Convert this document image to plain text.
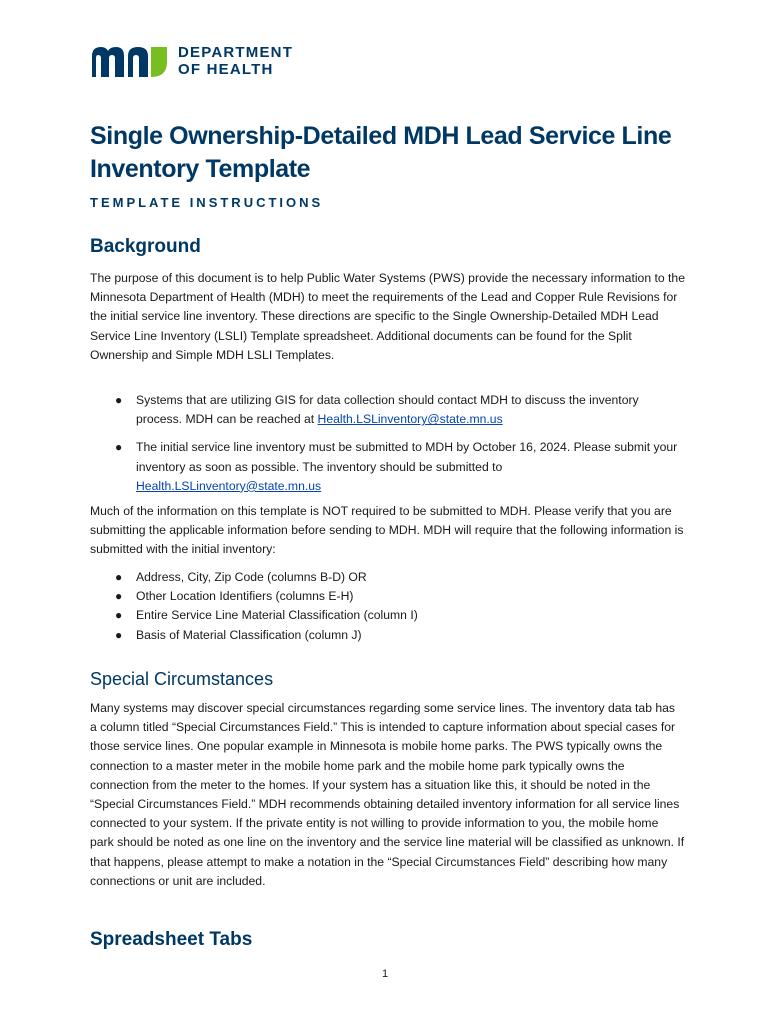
DEPARTMENT
OF HEALTH
Single Ownership-Detailed MDH Lead Service Line Inventory Template

TEMPLATE INSTRUCTIONS

Background

The purpose of this document is to help Public Water Systems (PWS) provide the necessary information to the Minnesota Department of Health (MDH) to meet the requirements of the Lead and Copper Rule Revisions for the initial service line inventory. These directions are specific to the Single Ownership-Detailed MDH Lead Service Line Inventory (LSLI) Template spreadsheet. Additional documents can be found for the Split Ownership and Simple MDH LSLI Templates.

● Systems that are utilizing GIS for data collection should contact MDH to discuss the inventory process. MDH can be reached at Health.LSLinventory@state.mn.us
● The initial service line inventory must be submitted to MDH by October 16, 2024. Please submit your inventory as soon as possible. The inventory should be submitted to Health.LSLinventory@state.mn.us

Much of the information on this template is NOT required to be submitted to MDH. Please verify that you are submitting the applicable information before sending to MDH. MDH will require that the following information is submitted with the initial inventory:

● Address, City, Zip Code (columns B-D) OR
● Other Location Identifiers (columns E-H)
● Entire Service Line Material Classification (column I)
● Basis of Material Classification (column J)
Special Circumstances

Many systems may discover special circumstances regarding some service lines. The inventory data tab has a column titled “Special Circumstances Field.” This is intended to capture information about special cases for those service lines. One popular example in Minnesota is mobile home parks. The PWS typically owns the connection to a master meter in the mobile home park and the mobile home park typically owns the connection from the meter to the homes. If your system has a situation like this, it should be noted in the “Special Circumstances Field.” MDH recommends obtaining detailed inventory information for all service lines connected to your system. If the private entity is not willing to provide information to you, the mobile home park should be noted as one line on the inventory and the service line material will be classified as unknown. If that happens, please attempt to make a notation in the “Special Circumstances Field” describing how many connections or unit are included.

Spreadsheet Tabs
1
